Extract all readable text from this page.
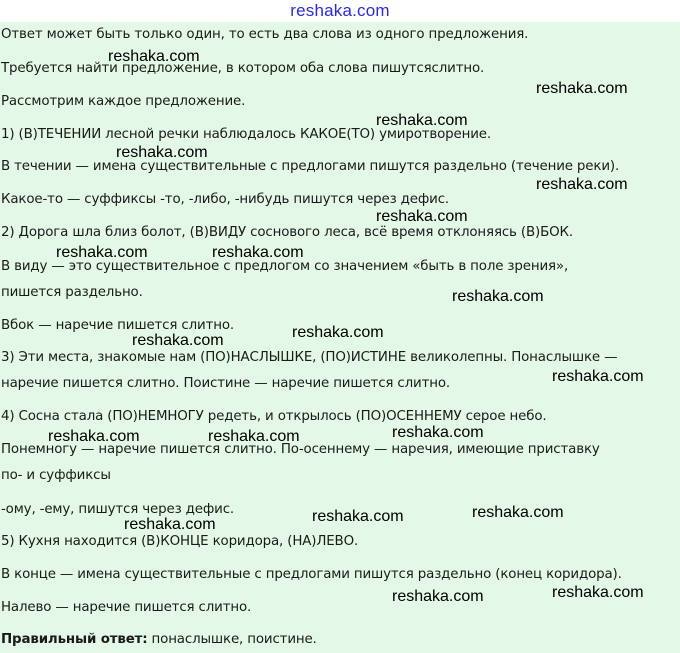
reshaka.com
Ответ может быть только один, то есть два слова из одного предложения.
Требуется найти предложение, в котором оба слова пишутсяслитно.
Рассмотрим каждое предложение.
1) (В)ТЕЧЕНИИ лесной речки наблюдалось КАКОЕ(ТО) умиротворение.
В течении — имена существительные с предлогами пишутся раздельно (течение реки).
Какое-то — суффиксы -то, -либо, -нибудь пишутся через дефис.
2) Дорога шла близ болот, (В)ВИДУ соснового леса, всё время отклоняясь (В)БОК.
В виду — это существительное с предлогом со значением «быть в поле зрения»,
пишется раздельно.
Вбок — наречие пишется слитно.
3) Эти места, знакомые нам (ПО)НАСЛЫШКЕ, (ПО)ИСТИНЕ великолепны. Понаслышке —
наречие пишется слитно. Поистине — наречие пишется слитно.
4) Сосна стала (ПО)НЕМНОГУ редеть, и открылось (ПО)ОСЕННЕМУ серое небо.
Понемногу — наречие пишется слитно. По-осеннему — наречия, имеющие приставку
по- и суффиксы
-ому, -ему, пишутся через дефис.
5) Кухня находится (В)КОНЦЕ коридора, (НА)ЛЕВО.
В конце — имена существительные с предлогами пишутся раздельно (конец коридора).
Налево — наречие пишется слитно.
Правильный ответ: понаслышке, поистине.
reshaka.com
reshaka.com
reshaka.com
reshaka.com
reshaka.com
reshaka.com
reshaka.com	reshaka.com
reshaka.com
reshaka.com
reshaka.com
reshaka.com
reshaka.com
reshaka.com	reshaka.com
reshaka.com
reshaka.com
reshaka.com
reshaka.com
reshaka.com
